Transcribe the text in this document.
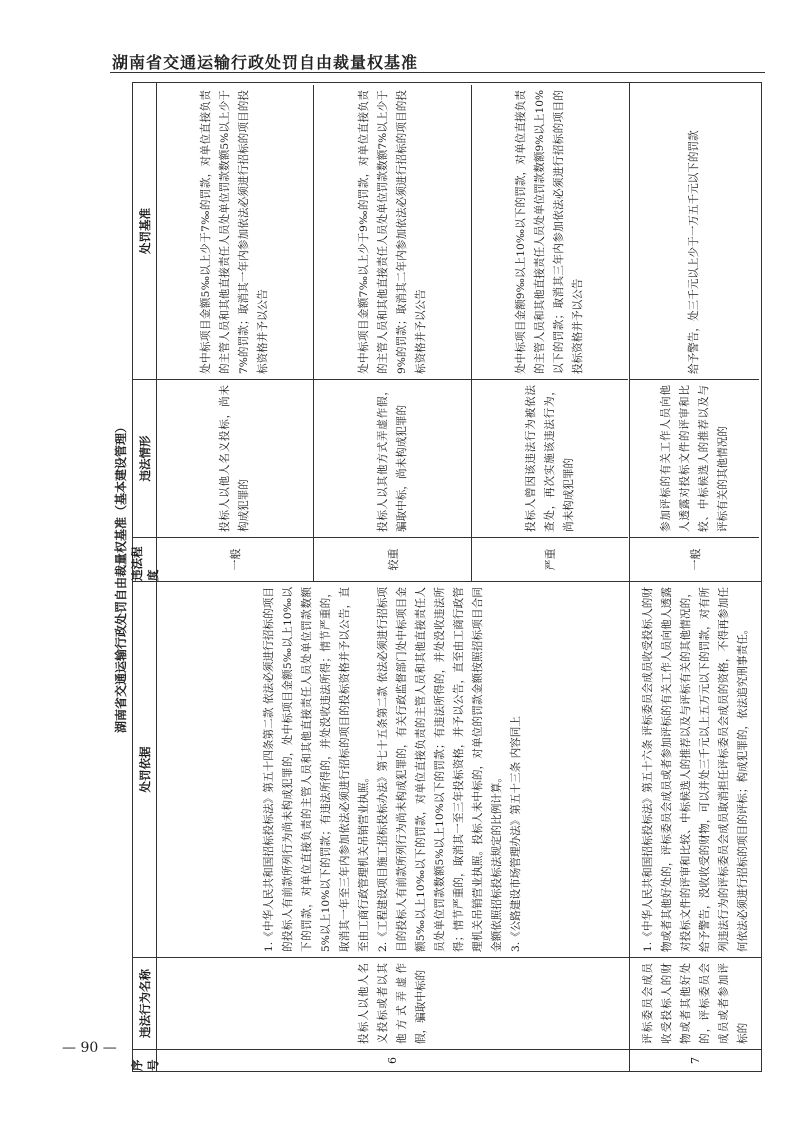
湖南省交通运输行政处罚自由裁量权基准
湖南省交通运输行政处罚自由裁量权基准（基本建设管理）
序号
违法行为名称
处罚依据
违法程度
违法情形
处罚基准
6
投标人以他人名义投标或者以其他方式弄虚作假，骗取中标的

1.《中华人民共和国招标投标法》第五十四条第二款 依法必须进行招标的项目的投标人有前款所列行为尚未构成犯罪的，处中标项目金额5‰以上10‰以下的罚款，对单位直接负责的主管人员和其他直接责任人员处单位罚款数额5%以上10%以下的罚款；有违法所得的，并处没收违法所得；情节严重的，取消其一年至三年内参加依法必须进行招标的项目的投标资格并予以公告，直至由工商行政管理机关吊销营业执照。 2.《工程建设项目施工招标投标办法》第七十五条第二款 依法必须进行招标项目的投标人有前款所列行为尚未构成犯罪的，有关行政监督部门处中标项目金额5‰以上10‰以下的罚款，对单位直接负责的主管人员和其他直接责任人员处单位罚款数额5%以上10%以下的罚款；有违法所得的，并处没收违法所得；情节严重的，取消其一至三年投标资格，并予以公告，直至由工商行政管理机关吊销营业执照。投标人未中标的，对单位的罚款金额按照招标项目合同金额依照招标投标法规定的比例计算。 3.《公路建设市场管理办法》第五十三条 内容同上

一般
投标人以他人名义投标，尚未构成犯罪的
处中标项目金额5‰以上少于7‰的罚款，对单位直接负责的主管人员和其他直接责任人员处单位罚款数额5%以上少于7%的罚款；取消其一年内参加依法必须进行招标的项目的投标资格并予以公告
较重
投标人以其他方式弄虚作假，骗取中标，尚未构成犯罪的
处中标项目金额7‰以上少于9‰的罚款，对单位直接负责的主管人员和其他直接责任人员处单位罚款数额7%以上少于9%的罚款；取消其二年内参加依法必须进行招标的项目的投标资格并予以公告
严重
投标人曾因该违法行为被依法查处，再次实施该违法行为，尚未构成犯罪的
处中标项目金额9‰以上10‰以下的罚款，对单位直接负责的主管人员和其他直接责任人员处单位罚款数额9%以上10%以下的罚款；取消其三年内参加依法必须进行招标的项目的投标资格并予以公告
7
评标委员会成员收受投标人的财物或者其他好处的，评标委员会成员或者参加评标的

1.《中华人民共和国招标投标法》第五十六条 评标委员会成员收受投标人的财物或者其他好处的，评标委员会成员或者参加评标的有关工作人员向他人透露对投标文件的评审和比较、中标候选人的推荐以及与评标有关的其他情况的，给予警告，没收收受的财物，可以并处三千元以上五万元以下的罚款，对有所列违法行为的评标委员会成员取消担任评标委员会成员的资格，不得再参加任何依法必须进行招标的项目的评标；构成犯罪的，依法追究刑事责任。

一般
参加评标的有关工作人员向他人透露对投标文件的评审和比较、中标候选人的推荐以及与评标有关的其他情况的
给予警告，处三千元以上少于一万五千元以下的罚款
— 90 —
